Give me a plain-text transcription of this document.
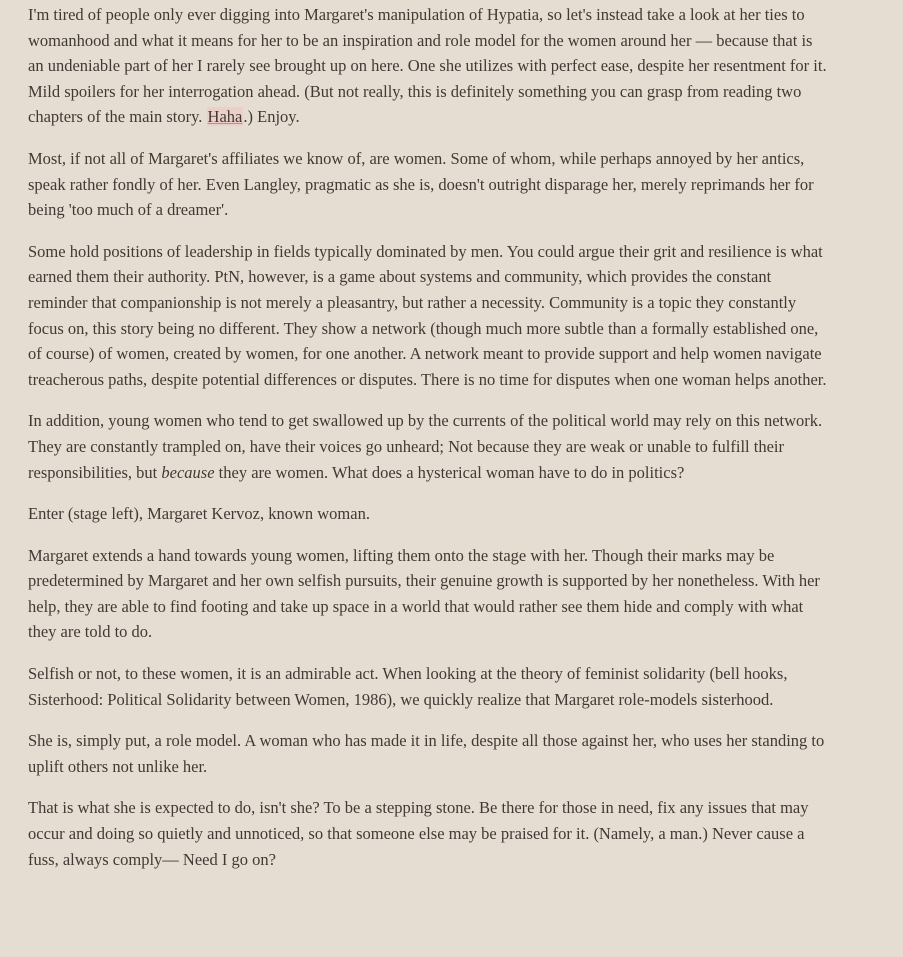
I'm tired of people only ever digging into Margaret's manipulation of Hypatia, so let's instead take a look at her ties to womanhood and what it means for her to be an inspiration and role model for the women around her — because that is an undeniable part of her I rarely see brought up on here. One she utilizes with perfect ease, despite her resentment for it.

Mild spoilers for her interrogation ahead. (But not really, this is definitely something you can grasp from reading two chapters of the main story. Haha.) Enjoy.

Most, if not all of Margaret's affiliates we know of, are women. Some of whom, while perhaps annoyed by her antics, speak rather fondly of her. Even Langley, pragmatic as she is, doesn't outright disparage her, merely reprimands her for being 'too much of a dreamer'.

Some hold positions of leadership in fields typically dominated by men. You could argue their grit and resilience is what earned them their authority. PtN, however, is a game about systems and community, which provides the constant reminder that companionship is not merely a pleasantry, but rather a necessity. Community is a topic they constantly focus on, this story being no different. They show a network (though much more subtle than a formally established one, of course) of women, created by women, for one another. A network meant to provide support and help women navigate treacherous paths, despite potential differences or disputes. There is no time for disputes when one woman helps another.

In addition, young women who tend to get swallowed up by the currents of the political world may rely on this network. They are constantly trampled on, have their voices go unheard; Not because they are weak or unable to fulfill their responsibilities, but because they are women. What does a hysterical woman have to do in politics?

Enter (stage left), Margaret Kervoz, known woman.

Margaret extends a hand towards young women, lifting them onto the stage with her. Though their marks may be predetermined by Margaret and her own selfish pursuits, their genuine growth is supported by her nonetheless. With her help, they are able to find footing and take up space in a world that would rather see them hide and comply with what they are told to do.

Selfish or not, to these women, it is an admirable act. When looking at the theory of feminist solidarity (bell hooks, Sisterhood: Political Solidarity between Women, 1986), we quickly realize that Margaret role-models sisterhood.

She is, simply put, a role model. A woman who has made it in life, despite all those against her, who uses her standing to uplift others not unlike her.

That is what she is expected to do, isn't she? To be a stepping stone. Be there for those in need, fix any issues that may occur and doing so quietly and unnoticed, so that someone else may be praised for it. (Namely, a man.) Never cause a fuss, always comply— Need I go on?
